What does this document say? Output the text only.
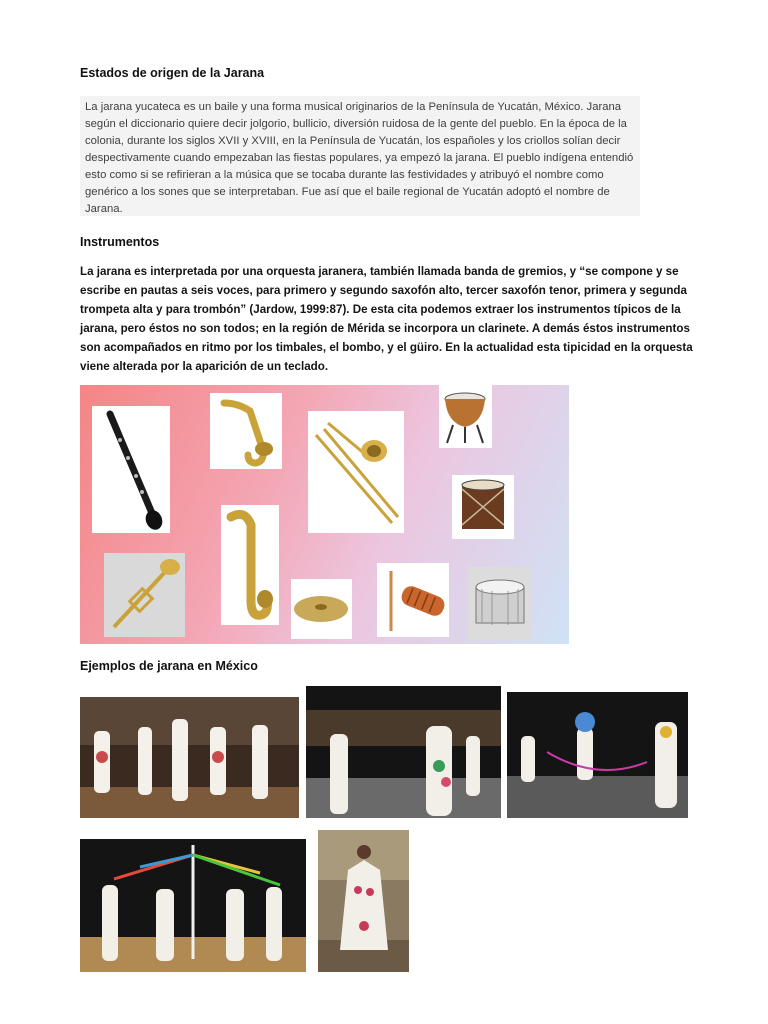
Estados de origen de la Jarana

La jarana yucateca es un baile y una forma musical originarios de la Península de Yucatán, México. Jarana según el diccionario quiere decir jolgorio, bullicio, diversión ruidosa de la gente del pueblo. En la época de la colonia, durante los siglos XVII y XVIII, en la Península de Yucatán, los españoles y los criollos solían decir despectivamente cuando empezaban las fiestas populares, ya empezó la jarana. El pueblo indígena entendió esto como si se refirieran a la música que se tocaba durante las festividades y atribuyó el nombre como genérico a los sones que se interpretaban. Fue así que el baile regional de Yucatán adoptó el nombre de Jarana.

Instrumentos

La jarana es interpretada por una orquesta jaranera, también llamada banda de gremios, y “se compone y se escribe en pautas a seis voces, para primero y segundo saxofón alto, tercer saxofón tenor, primera y segunda trompeta alta y para trombón” (Jardow, 1999:87). De esta cita podemos extraer los instrumentos típicos de la jarana, pero éstos no son todos; en la región de Mérida se incorpora un clarinete. A demás éstos instrumentos son acompañados en ritmo por los timbales, el bombo, y el güiro. En la actualidad esta tipicidad en la orquesta viene alterada por la aparición de un teclado.

Ejemplos de jarana en México
